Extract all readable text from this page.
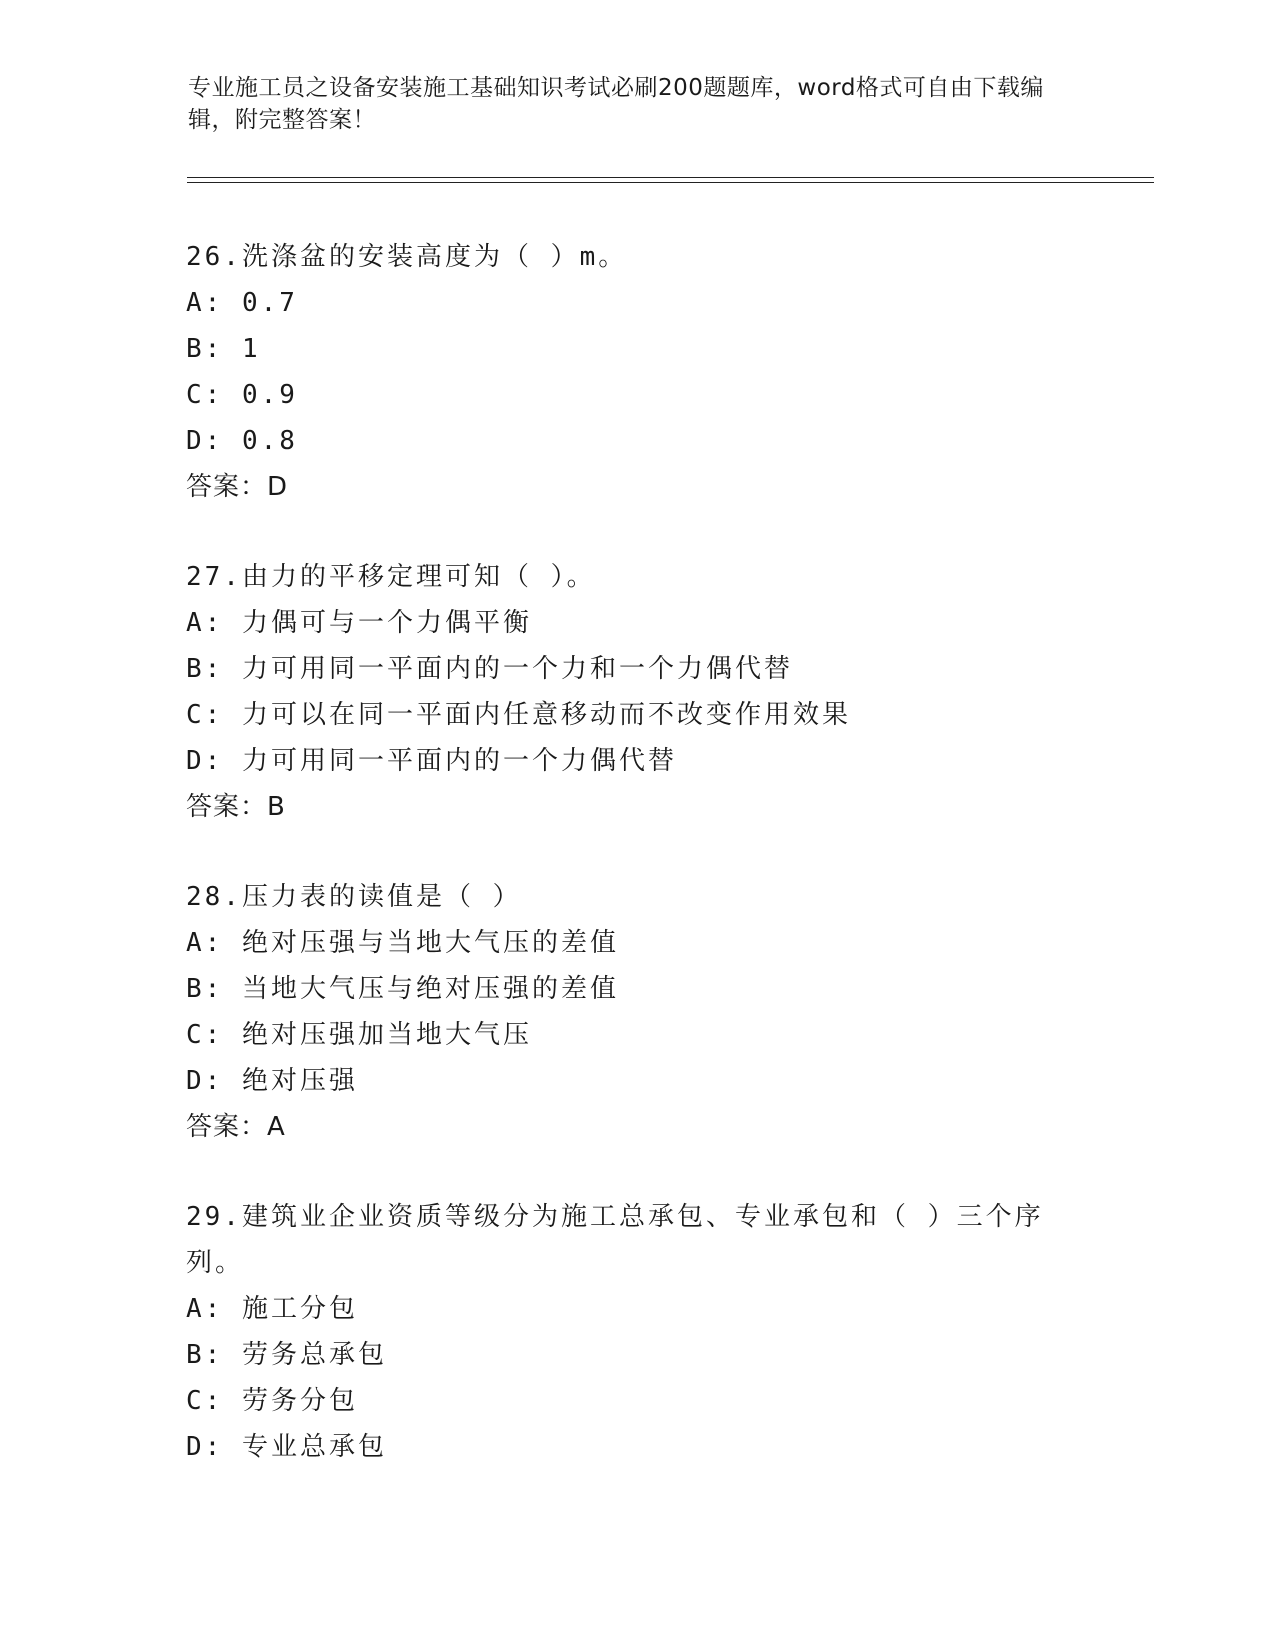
专业施工员之设备安装施工基础知识考试必刷200题题库，word格式可自由下载编辑，附完整答案！
26.洗涤盆的安装高度为（ ）m。
A: 0.7
B: 1
C: 0.9
D: 0.8
答案：D
27.由力的平移定理可知（ ）。
A: 力偶可与一个力偶平衡
B: 力可用同一平面内的一个力和一个力偶代替
C: 力可以在同一平面内任意移动而不改变作用效果
D: 力可用同一平面内的一个力偶代替
答案：B
28.压力表的读值是（ ）
A: 绝对压强与当地大气压的差值
B: 当地大气压与绝对压强的差值
C: 绝对压强加当地大气压
D: 绝对压强
答案：A
29.建筑业企业资质等级分为施工总承包、专业承包和（ ）三个序列。
A: 施工分包
B: 劳务总承包
C: 劳务分包
D: 专业总承包
